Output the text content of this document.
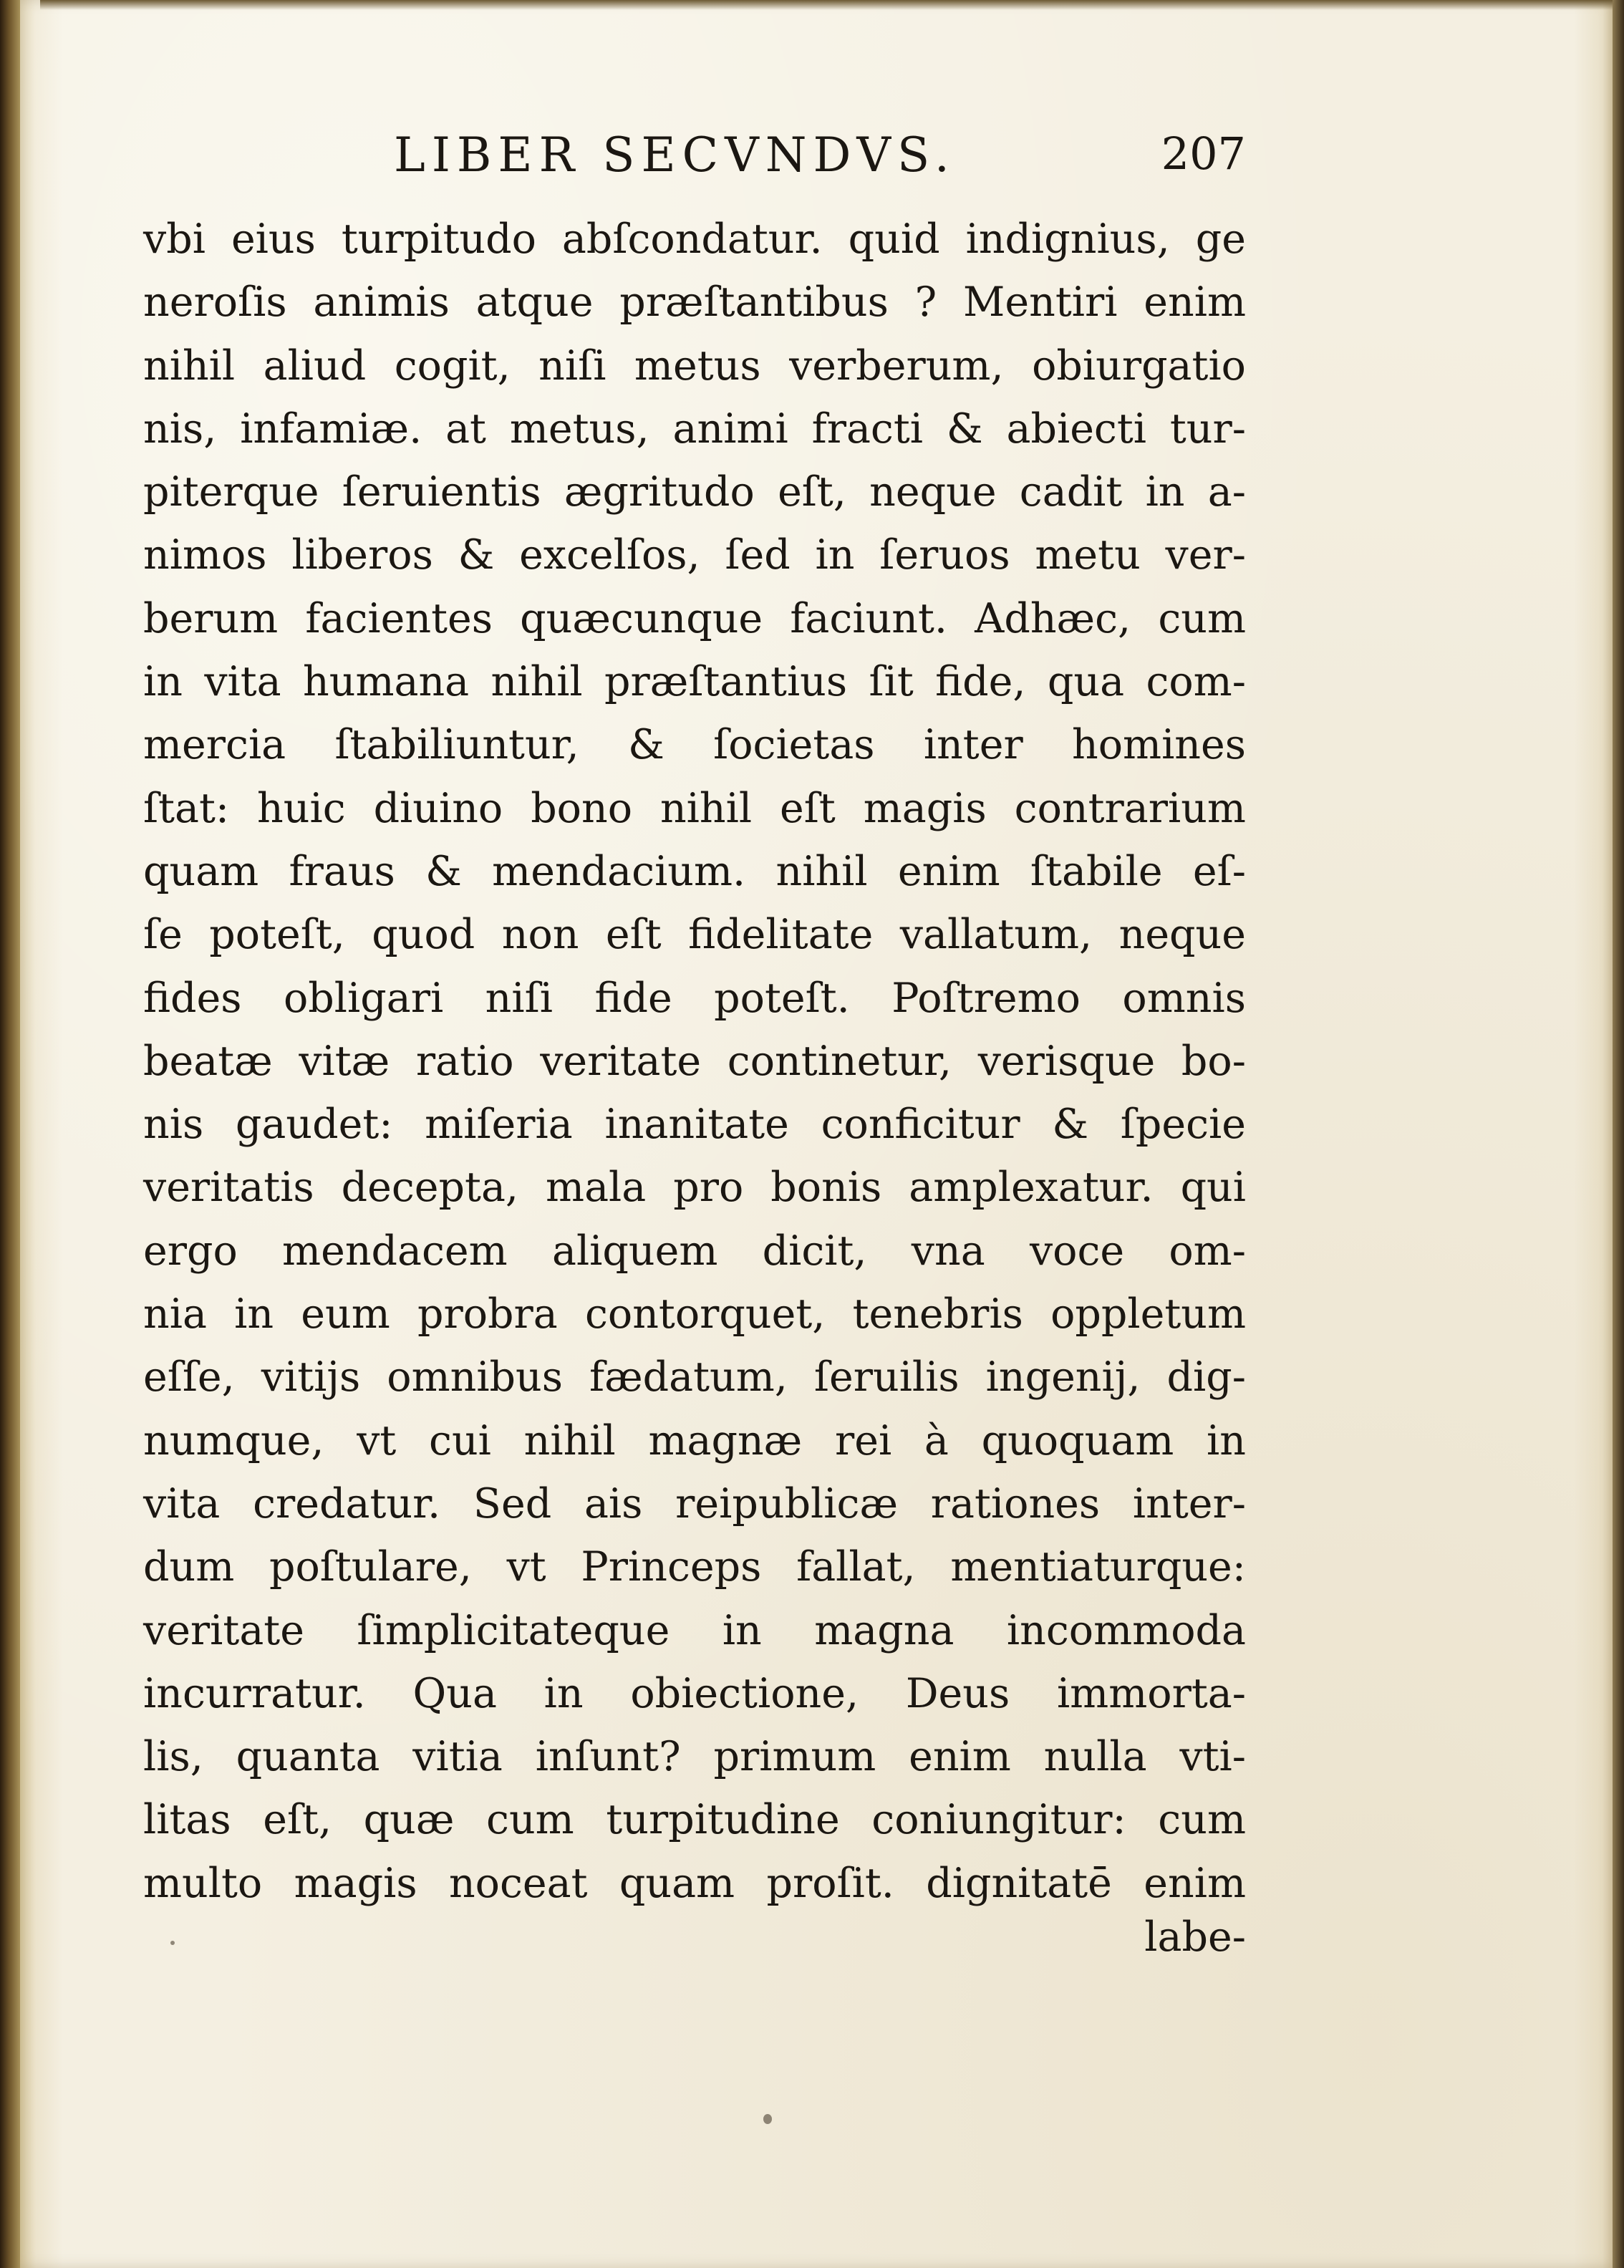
LIBER SECVNDVS.	207
vbi eius turpitudo abſcondatur. quid indignius, ge
neroſis animis atque præſtantibus ? Mentiri enim
nihil aliud cogit, niſi metus verberum, obiurgatio
nis, infamiæ. at metus, animi fracti & abiecti tur-
piterque ſeruientis ægritudo eſt, neque cadit in a-
nimos liberos & excelſos, ſed in ſeruos metu ver-
berum facientes quæcunque faciunt. Adhæc, cum
in vita humana nihil præſtantius ſit fide, qua com-
mercia ſtabiliuntur, & ſocietas inter homines
ſtat: huic diuino bono nihil eſt magis contrarium
quam fraus & mendacium. nihil enim ſtabile eſ-
ſe poteſt, quod non eſt fidelitate vallatum, neque
fides obligari niſi fide poteſt. Poſtremo omnis
beatæ vitæ ratio veritate continetur, verisque bo-
nis gaudet: miſeria inanitate conficitur & ſpecie
veritatis decepta, mala pro bonis amplexatur. qui
ergo mendacem aliquem dicit, vna voce om-
nia in eum probra contorquet, tenebris oppletum
eſſe, vitijs omnibus fædatum, ſeruilis ingenij, dig-
numque, vt cui nihil magnæ rei à quoquam in
vita credatur. Sed ais reipublicæ rationes inter-
dum poſtulare, vt Princeps fallat, mentiaturque:
veritate ſimplicitateque in magna incommoda
incurratur. Qua in obiectione, Deus immorta-
lis, quanta vitia inſunt? primum enim nulla vti-
litas eſt, quæ cum turpitudine coniungitur: cum
multo magis noceat quam proſit. dignitatē enim
labe-
